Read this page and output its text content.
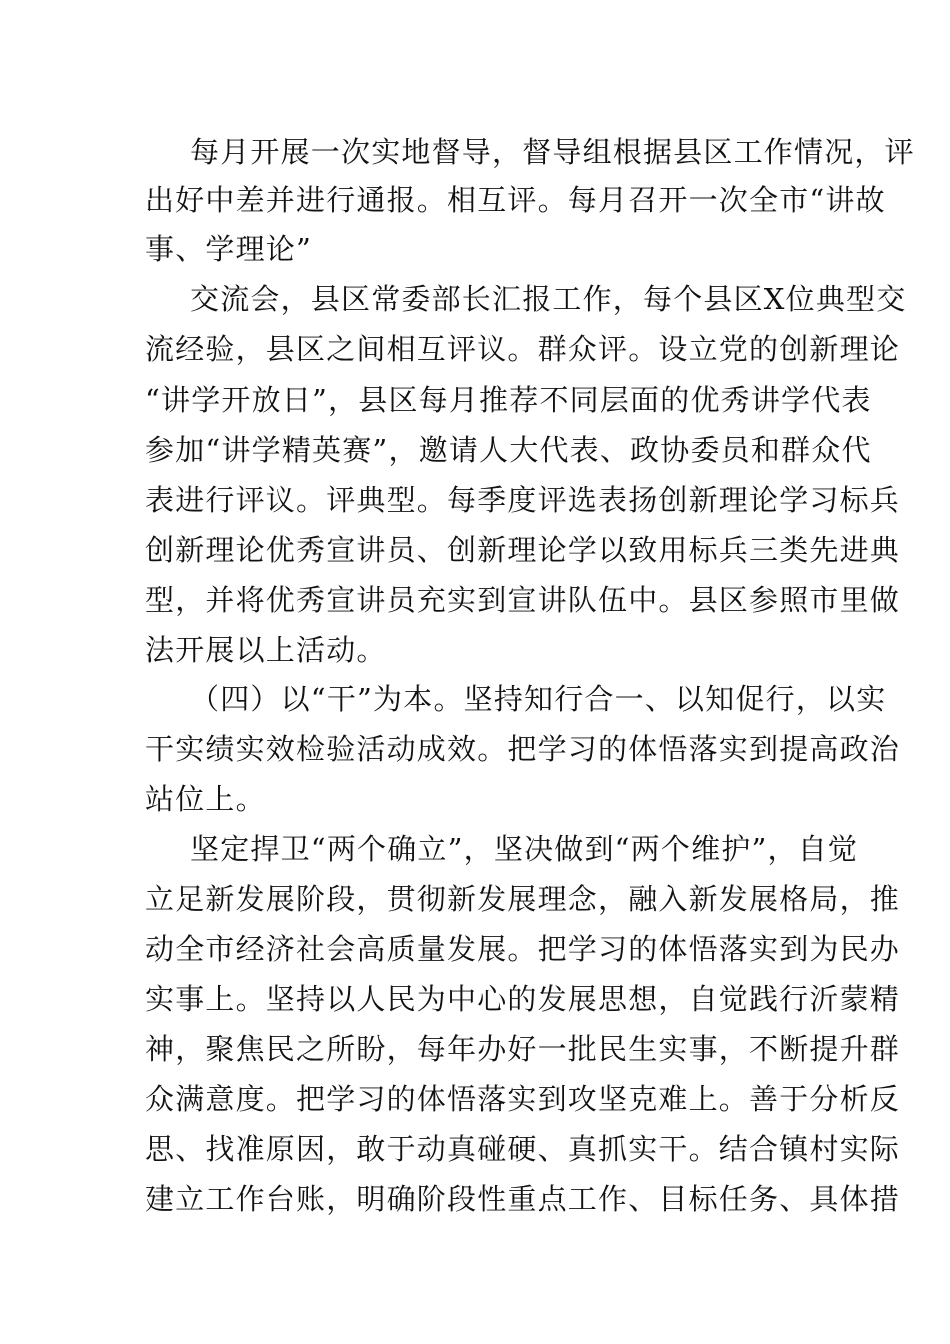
每月开展一次实地督导，督导组根据县区工作情况，评
出好中差并进行通报。相互评。每月召开一次全市“讲故
事、学理论”
交流会，县区常委部长汇报工作，每个县区X位典型交
流经验，县区之间相互评议。群众评。设立党的创新理论
“讲学开放日”，县区每月推荐不同层面的优秀讲学代表
参加“讲学精英赛”，邀请人大代表、政协委员和群众代
表进行评议。评典型。每季度评选表扬创新理论学习标兵
创新理论优秀宣讲员、创新理论学以致用标兵三类先进典
型，并将优秀宣讲员充实到宣讲队伍中。县区参照市里做
法开展以上活动。
（四）以“干”为本。坚持知行合一、以知促行，以实
干实绩实效检验活动成效。把学习的体悟落实到提高政治
站位上。
坚定捍卫“两个确立”，坚决做到“两个维护”，自觉
立足新发展阶段，贯彻新发展理念，融入新发展格局，推
动全市经济社会高质量发展。把学习的体悟落实到为民办
实事上。坚持以人民为中心的发展思想，自觉践行沂蒙精
神，聚焦民之所盼，每年办好一批民生实事，不断提升群
众满意度。把学习的体悟落实到攻坚克难上。善于分析反
思、找准原因，敢于动真碰硬、真抓实干。结合镇村实际
建立工作台账，明确阶段性重点工作、目标任务、具体措
